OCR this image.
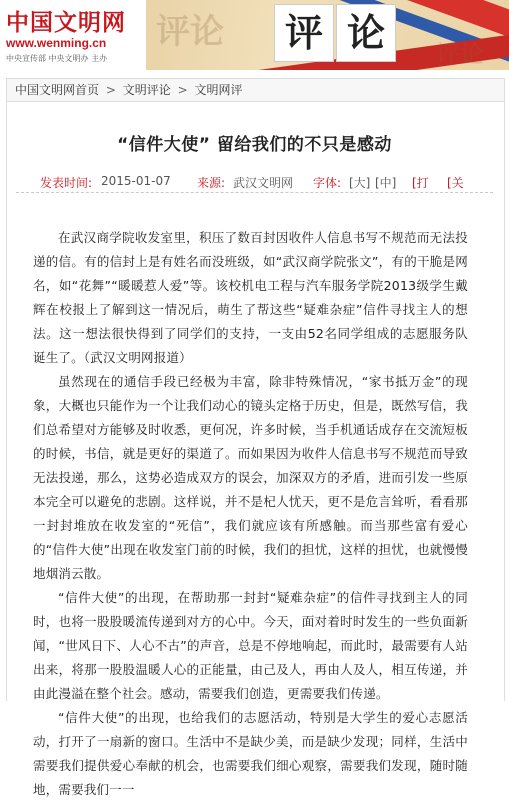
中国文明网
www.wenming.cn
中央宣传部 中央文明办 主办
评论 评 论	评论
中国文明网首页 > 文明评论 > 文明网评
“信件大使” 留给我们的不只是感动
发表时间: 2015-01-07 来源: 武汉文明网 字体: [大] [中] [打 [关

在武汉商学院收发室里，积压了数百封因收件人信息书写不规范而无法投递的信。有的信封上是有姓名而没班级，如“武汉商学院张文”，有的干脆是网名，如“花舞”“暖暖惹人爱”等。该校机电工程与汽车服务学院2013级学生戴辉在校报上了解到这一情况后，萌生了帮这些“疑难杂症”信件寻找主人的想法。这一想法很快得到了同学们的支持，一支由52名同学组成的志愿服务队诞生了。（武汉文明网报道）

虽然现在的通信手段已经极为丰富，除非特殊情况，“家书抵万金”的现象，大概也只能作为一个让我们动心的镜头定格于历史，但是，既然写信，我们总希望对方能够及时收悉，更何况，许多时候，当手机通话成存在交流短板的时候，书信，就是更好的渠道了。而如果因为收件人信息书写不规范而导致无法投递，那么，这势必造成双方的误会，加深双方的矛盾，进而引发一些原本完全可以避免的悲剧。这样说，并不是杞人忧天，更不是危言耸听，看看那一封封堆放在收发室的“死信”，我们就应该有所感触。而当那些富有爱心的“信件大使”出现在收发室门前的时候，我们的担忧，这样的担忧，也就慢慢地烟消云散。

“信件大使”的出现，在帮助那一封封“疑难杂症”的信件寻找到主人的同时，也将一股股暖流传递到对方的心中。今天，面对着时时发生的一些负面新闻，“世风日下、人心不古”的声音，总是不停地响起，而此时，最需要有人站出来，将那一股股温暖人心的正能量，由己及人，再由人及人，相互传递，并由此漫溢在整个社会。感动，需要我们创造，更需要我们传递。

“信件大使”的出现，也给我们的志愿活动，特别是大学生的爱心志愿活动，打开了一扇新的窗口。生活中不是缺少美，而是缺少发现；同样，生活中需要我们提供爱心奉献的机会，也需要我们细心观察，需要我们发现，随时随地，需要我们一一
